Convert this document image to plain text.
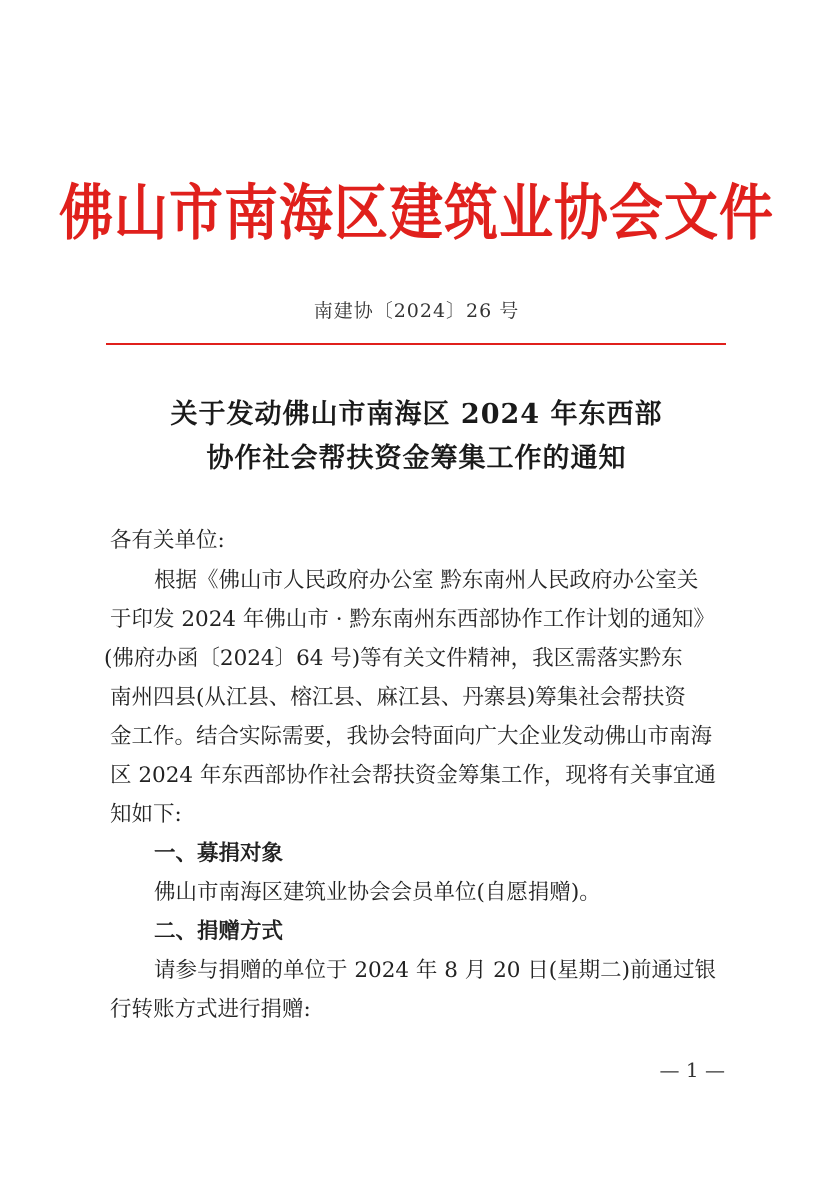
佛山市南海区建筑业协会文件
南建协〔2024〕26 号
关于发动佛山市南海区 2024 年东西部
协作社会帮扶资金筹集工作的通知
各有关单位:
根据《佛山市人民政府办公室 黔东南州人民政府办公室关
于印发 2024 年佛山市 · 黔东南州东西部协作工作计划的通知》
(佛府办函〔2024〕64 号)等有关文件精神，我区需落实黔东
南州四县(从江县、榕江县、麻江县、丹寨县)筹集社会帮扶资
金工作。结合实际需要，我协会特面向广大企业发动佛山市南海
区 2024 年东西部协作社会帮扶资金筹集工作，现将有关事宜通
知如下:
一、募捐对象
佛山市南海区建筑业协会会员单位(自愿捐赠)。
二、捐赠方式
请参与捐赠的单位于 2024 年 8 月 20 日(星期二)前通过银
行转账方式进行捐赠:
— 1 —
